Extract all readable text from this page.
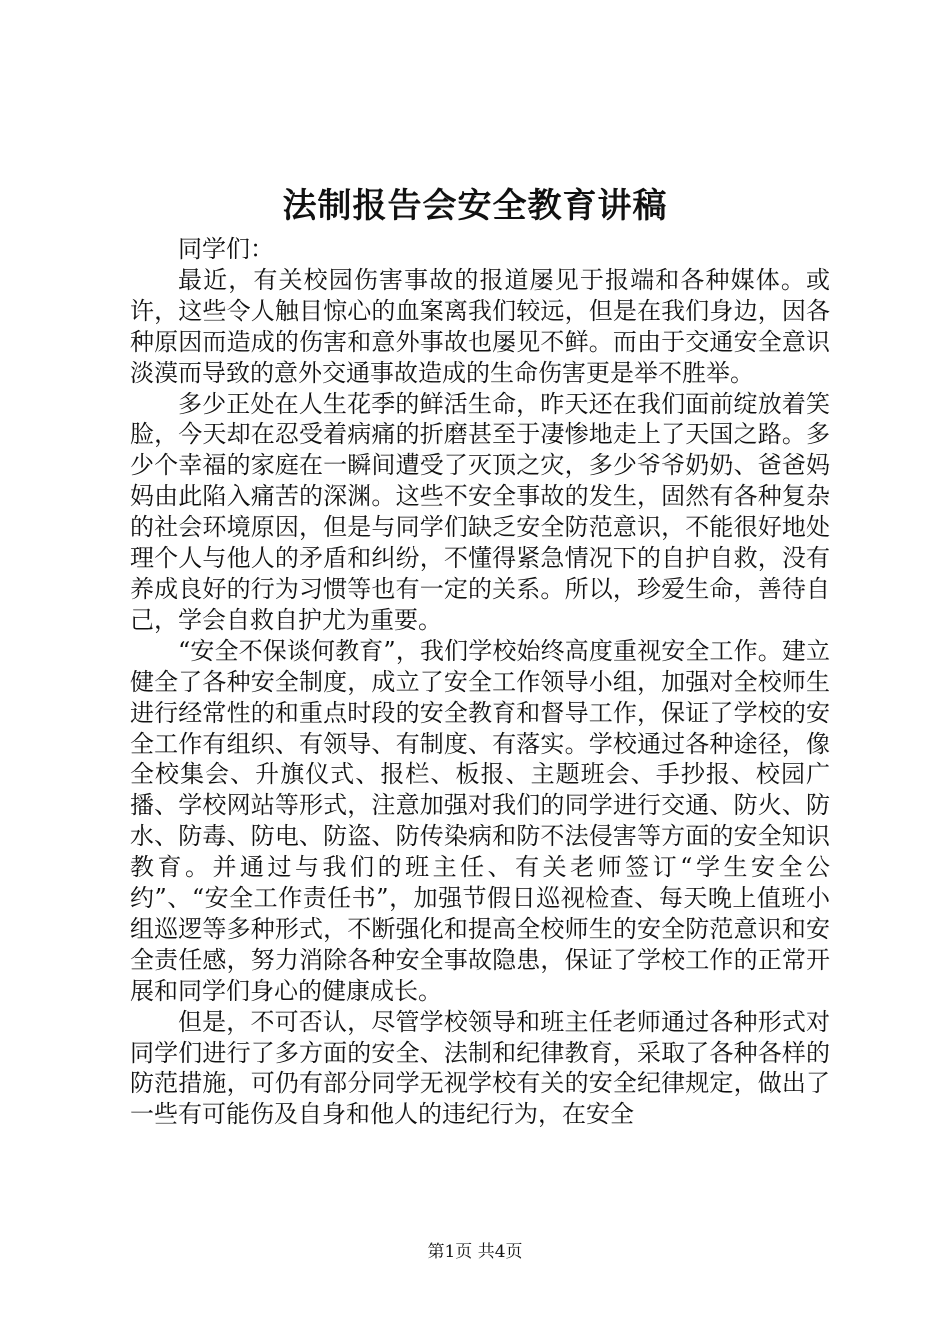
法制报告会安全教育讲稿

同学们：

最近，有关校园伤害事故的报道屡见于报端和各种媒体。或许，这些令人触目惊心的血案离我们较远，但是在我们身边，因各种原因而造成的伤害和意外事故也屡见不鲜。而由于交通安全意识淡漠而导致的意外交通事故造成的生命伤害更是举不胜举。

多少正处在人生花季的鲜活生命，昨天还在我们面前绽放着笑脸，今天却在忍受着病痛的折磨甚至于凄惨地走上了天国之路。多少个幸福的家庭在一瞬间遭受了灭顶之灾，多少爷爷奶奶、爸爸妈妈由此陷入痛苦的深渊。这些不安全事故的发生，固然有各种复杂的社会环境原因，但是与同学们缺乏安全防范意识，不能很好地处理个人与他人的矛盾和纠纷，不懂得紧急情况下的自护自救，没有养成良好的行为习惯等也有一定的关系。所以，珍爱生命，善待自己，学会自救自护尤为重要。

“安全不保谈何教育”，我们学校始终高度重视安全工作。建立健全了各种安全制度，成立了安全工作领导小组，加强对全校师生进行经常性的和重点时段的安全教育和督导工作，保证了学校的安全工作有组织、有领导、有制度、有落实。学校通过各种途径，像全校集会、升旗仪式、报栏、板报、主题班会、手抄报、校园广播、学校网站等形式，注意加强对我们的同学进行交通、防火、防水、防毒、防电、防盗、防传染病和防不法侵害等方面的安全知识教育。并通过与我们的班主任、有关老师签订“学生安全公约”、“安全工作责任书”，加强节假日巡视检查、每天晚上值班小组巡逻等多种形式，不断强化和提高全校师生的安全防范意识和安全责任感，努力消除各种安全事故隐患，保证了学校工作的正常开展和同学们身心的健康成长。

但是，不可否认，尽管学校领导和班主任老师通过各种形式对同学们进行了多方面的安全、法制和纪律教育，采取了各种各样的防范措施，可仍有部分同学无视学校有关的安全纪律规定，做出了一些有可能伤及自身和他人的违纪行为，在安全

第1页 共4页
